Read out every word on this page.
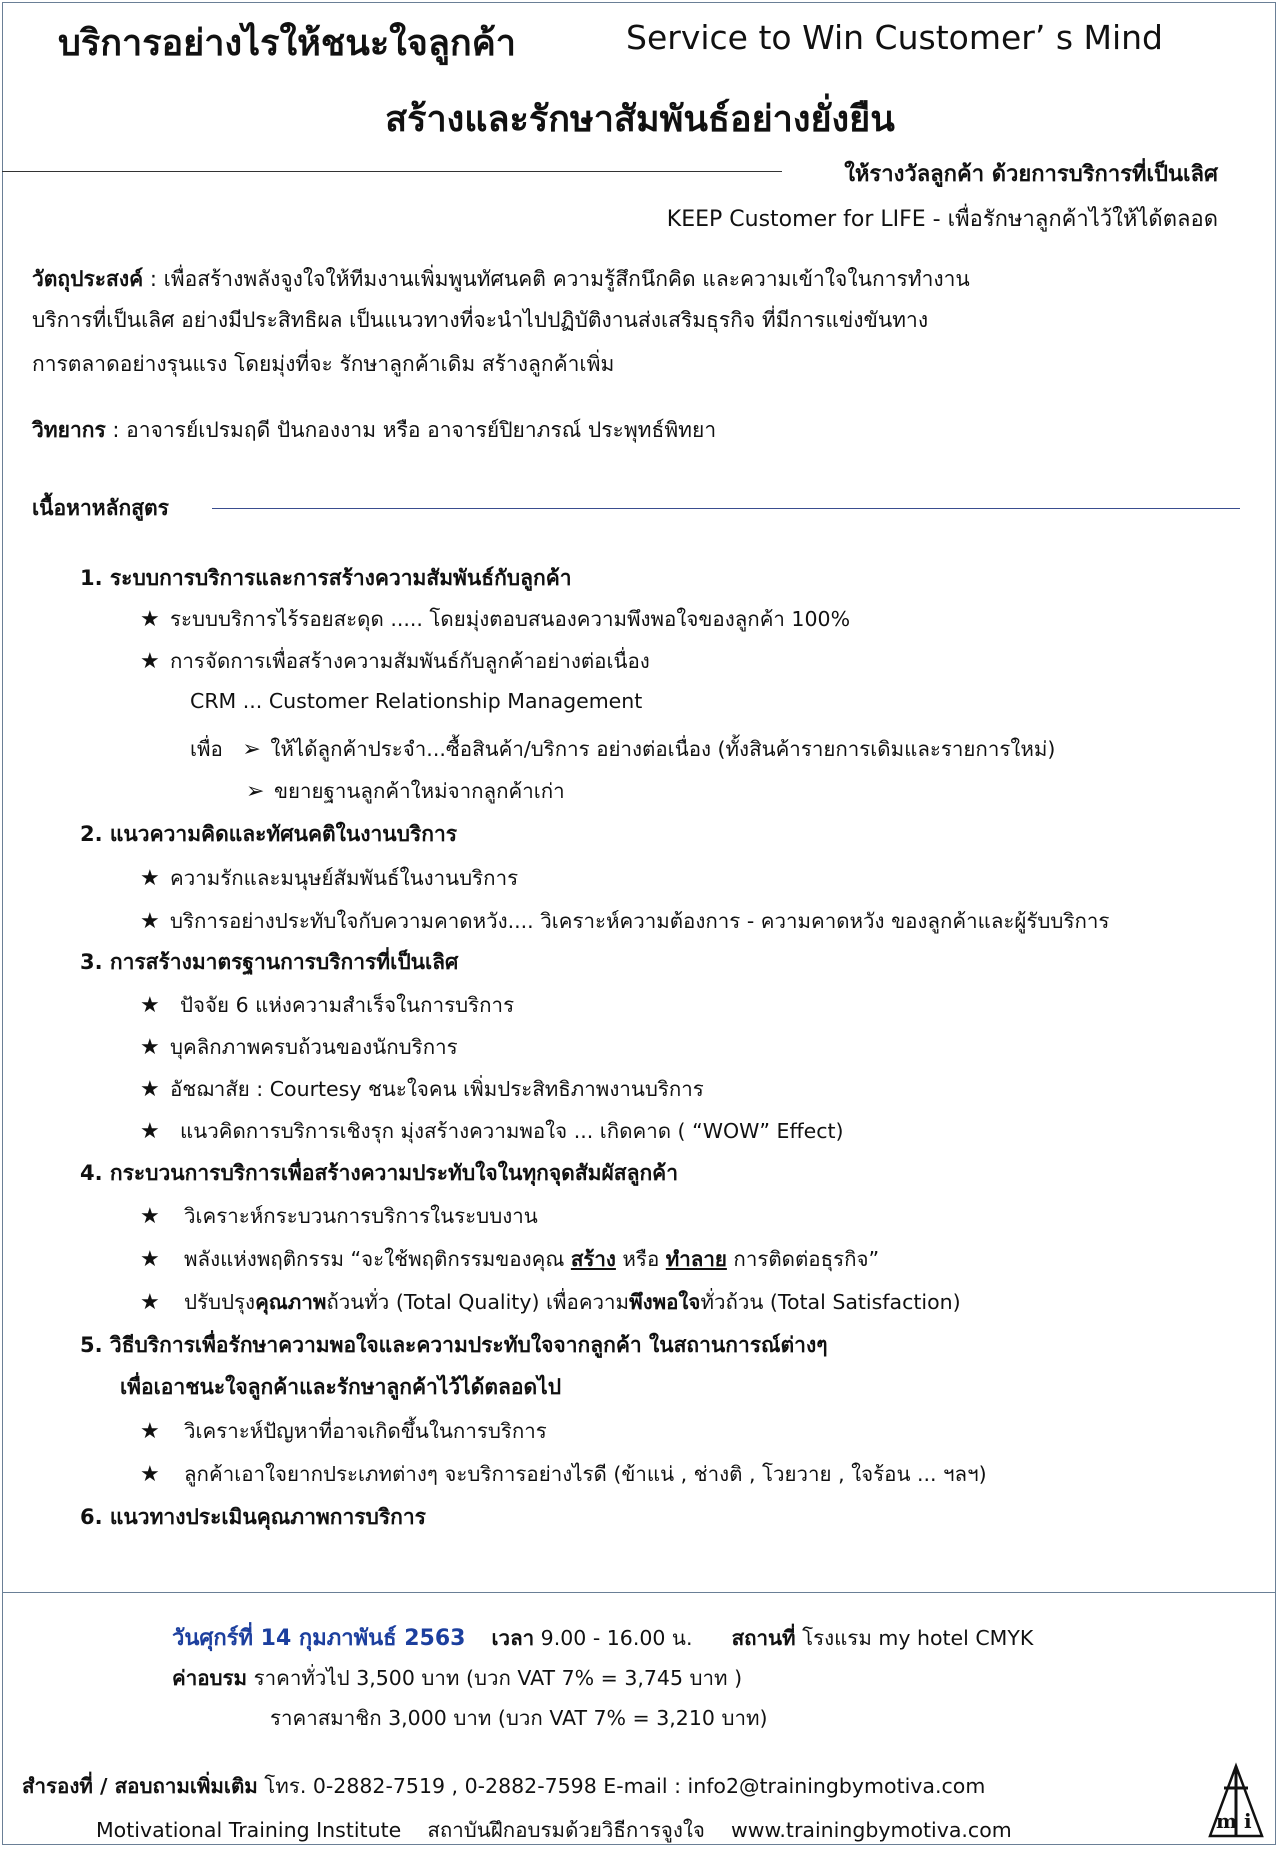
บริการอย่างไรให้ชนะใจลูกค้า	Service to Win Customer’ s Mind
สร้างและรักษาสัมพันธ์อย่างยั่งยืน
ให้รางวัลลูกค้า ด้วยการบริการที่เป็นเลิศ
KEEP Customer for LIFE - เพื่อรักษาลูกค้าไว้ให้ได้ตลอด
วัตถุประสงค์ : เพื่อสร้างพลังจูงใจให้ทีมงานเพิ่มพูนทัศนคติ ความรู้สึกนึกคิด และความเข้าใจในการทำงาน
บริการที่เป็นเลิศ อย่างมีประสิทธิผล เป็นแนวทางที่จะนำไปปฏิบัติงานส่งเสริมธุรกิจ ที่มีการแข่งขันทาง
การตลาดอย่างรุนแรง โดยมุ่งที่จะ รักษาลูกค้าเดิม สร้างลูกค้าเพิ่ม
วิทยากร : อาจารย์เปรมฤดี ปันกองงาม หรือ อาจารย์ปิยาภรณ์ ประพุทธ์พิทยา
เนื้อหาหลักสูตร
1. ระบบการบริการและการสร้างความสัมพันธ์กับลูกค้า
★ ระบบบริการไร้รอยสะดุด ..... โดยมุ่งตอบสนองความพึงพอใจของลูกค้า 100%
★ การจัดการเพื่อสร้างความสัมพันธ์กับลูกค้าอย่างต่อเนื่อง
CRM ... Customer Relationship Management
เพื่อ ➢ ให้ได้ลูกค้าประจำ...ซื้อสินค้า/บริการ อย่างต่อเนื่อง (ทั้งสินค้ารายการเดิมและรายการใหม่)
➢ ขยายฐานลูกค้าใหม่จากลูกค้าเก่า
2. แนวความคิดและทัศนคติในงานบริการ
★ ความรักและมนุษย์สัมพันธ์ในงานบริการ
★ บริการอย่างประทับใจกับความคาดหวัง.... วิเคราะห์ความต้องการ - ความคาดหวัง ของลูกค้าและผู้รับบริการ
3. การสร้างมาตรฐานการบริการที่เป็นเลิศ
★ ปัจจัย 6 แห่งความสำเร็จในการบริการ
★ บุคลิกภาพครบถ้วนของนักบริการ
★ อัชฌาสัย : Courtesy ชนะใจคน เพิ่มประสิทธิภาพงานบริการ
★ แนวคิดการบริการเชิงรุก มุ่งสร้างความพอใจ ... เกิดคาด ( “WOW” Effect)
4. กระบวนการบริการเพื่อสร้างความประทับใจในทุกจุดสัมผัสลูกค้า
★ วิเคราะห์กระบวนการบริการในระบบงาน
★ พลังแห่งพฤติกรรม “จะใช้พฤติกรรมของคุณ สร้าง หรือ ทำลาย การติดต่อธุรกิจ”
★ ปรับปรุงคุณภาพถ้วนทั่ว (Total Quality) เพื่อความพึงพอใจทั่วถ้วน (Total Satisfaction)
5. วิธีบริการเพื่อรักษาความพอใจและความประทับใจจากลูกค้า ในสถานการณ์ต่างๆ
เพื่อเอาชนะใจลูกค้าและรักษาลูกค้าไว้ได้ตลอดไป
★ วิเคราะห์ปัญหาที่อาจเกิดขึ้นในการบริการ
★ ลูกค้าเอาใจยากประเภทต่างๆ จะบริการอย่างไรดี (ข้าแน่ , ช่างติ , โวยวาย , ใจร้อน ... ฯลฯ)
6. แนวทางประเมินคุณภาพการบริการ
วันศุกร์ที่ 14 กุมภาพันธ์ 2563 เวลา 9.00 - 16.00 น. สถานที่ โรงแรม my hotel CMYK
ค่าอบรม ราคาทั่วไป 3,500 บาท (บวก VAT 7% = 3,745 บาท )
ราคาสมาชิก 3,000 บาท (บวก VAT 7% = 3,210 บาท)
สำรองที่ / สอบถามเพิ่มเติม โทร. 0-2882-7519 , 0-2882-7598 E-mail : info2@trainingbymotiva.com
Motivational Training Institute สถาบันฝึกอบรมด้วยวิธีการจูงใจ www.trainingbymotiva.com	m i
